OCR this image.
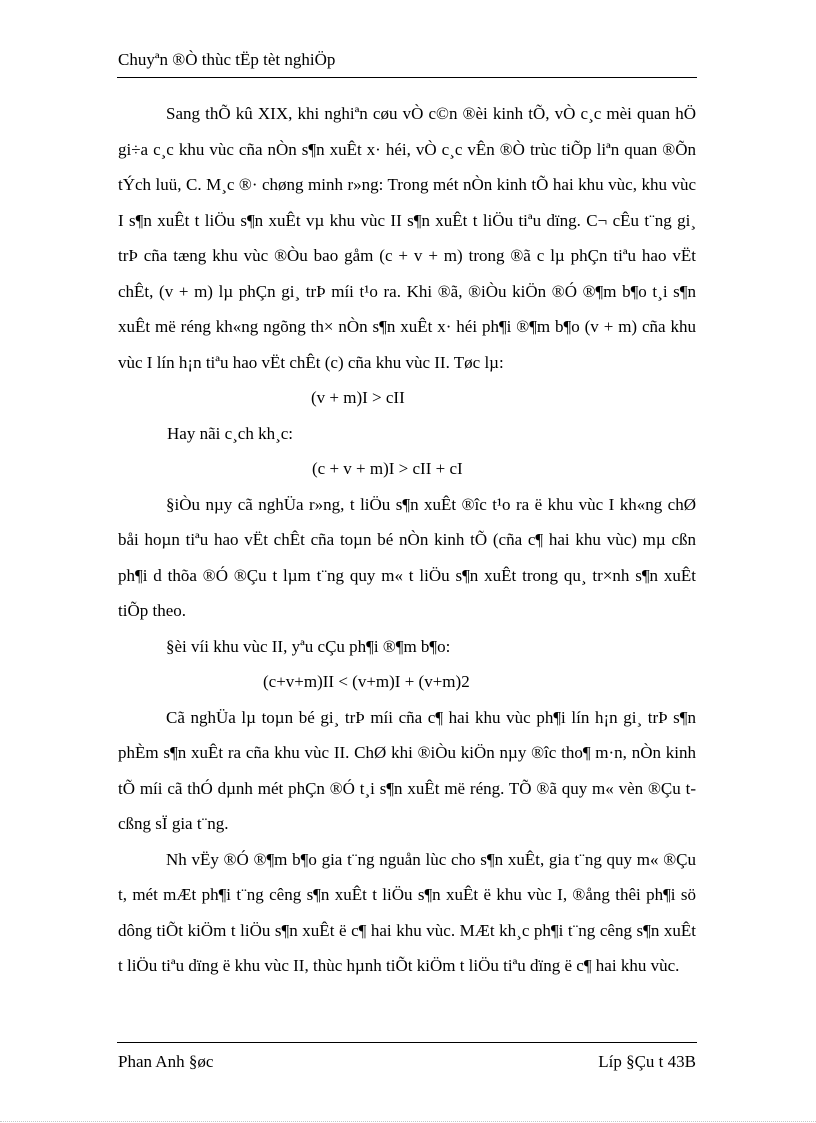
Chuyªn ®Ò thùc tËp tèt nghiÖp

Sang thÕ kû XIX, khi nghiªn cøu vÒ c©n ®èi kinh tÕ, vÒ c¸c mèi quan hÖ gi÷a c¸c khu vùc cña nÒn s¶n xuÊt x· héi, vÒ c¸c vÊn ®Ò trùc tiÕp liªn quan ®Õn tÝch luü, C. M¸c ®· chøng minh r»ng: Trong mét nÒn kinh tÕ hai khu vùc, khu vùc I s¶n xuÊt t liÖu s¶n xuÊt vµ khu vùc II s¶n xuÊt t liÖu tiªu dïng. C¬ cÊu t¨ng gi¸ trÞ cña tæng khu vùc ®Òu bao gåm (c + v + m) trong ®ã c lµ phÇn tiªu hao vËt chÊt, (v + m) lµ phÇn gi¸ trÞ míi t¹o ra. Khi ®ã, ®iÒu kiÖn ®Ó ®¶m b¶o t¸i s¶n xuÊt më réng kh«ng ngõng th× nÒn s¶n xuÊt x· héi ph¶i ®¶m b¶o (v + m) cña khu vùc I lín h¡n tiªu hao vËt chÊt (c) cña khu vùc II. Tøc lµ:

(v + m)I > cII

Hay nãi c¸ch kh¸c:

(c + v + m)I > cII + cI

§iÒu nµy cã nghÜa r»ng, t liÖu s¶n xuÊt ®îc t¹o ra ë khu vùc I kh«ng chØ båi hoµn tiªu hao vËt chÊt cña toµn bé nÒn kinh tÕ (cña c¶ hai khu vùc) mµ cßn ph¶i d thõa ®Ó ®Çu t lµm t¨ng quy m« t liÖu s¶n xuÊt trong qu¸ tr×nh s¶n xuÊt tiÕp theo.

§èi víi khu vùc II, yªu cÇu ph¶i ®¶m b¶o:

(c+v+m)II < (v+m)I + (v+m)2

Cã nghÜa lµ toµn bé gi¸ trÞ míi cña c¶ hai khu vùc ph¶i lín h¡n gi¸ trÞ s¶n phÈm s¶n xuÊt ra cña khu vùc II. ChØ khi ®iÒu kiÖn nµy ®îc tho¶ m·n, nÒn kinh tÕ míi cã thÓ dµnh mét phÇn ®Ó t¸i s¶n xuÊt më réng. TÕ ®ã quy m« vèn ®Çu t cßng sÏ gia t¨ng.

Nh vËy ®Ó ®¶m b¶o gia t¨ng nguån lùc cho s¶n xuÊt, gia t¨ng quy m« ®Çu t, mét mÆt ph¶i t¨ng cêng s¶n xuÊt t liÖu s¶n xuÊt ë khu vùc I, ®ång thêi ph¶i sö dông tiÕt kiÖm t liÖu s¶n xuÊt ë c¶ hai khu vùc. MÆt kh¸c ph¶i t¨ng cêng s¶n xuÊt t liÖu tiªu dïng ë khu vùc II, thùc hµnh tiÕt kiÖm t liÖu tiªu dïng ë c¶ hai khu vùc.

Phan Anh §øc	Líp §Çu t 43B
